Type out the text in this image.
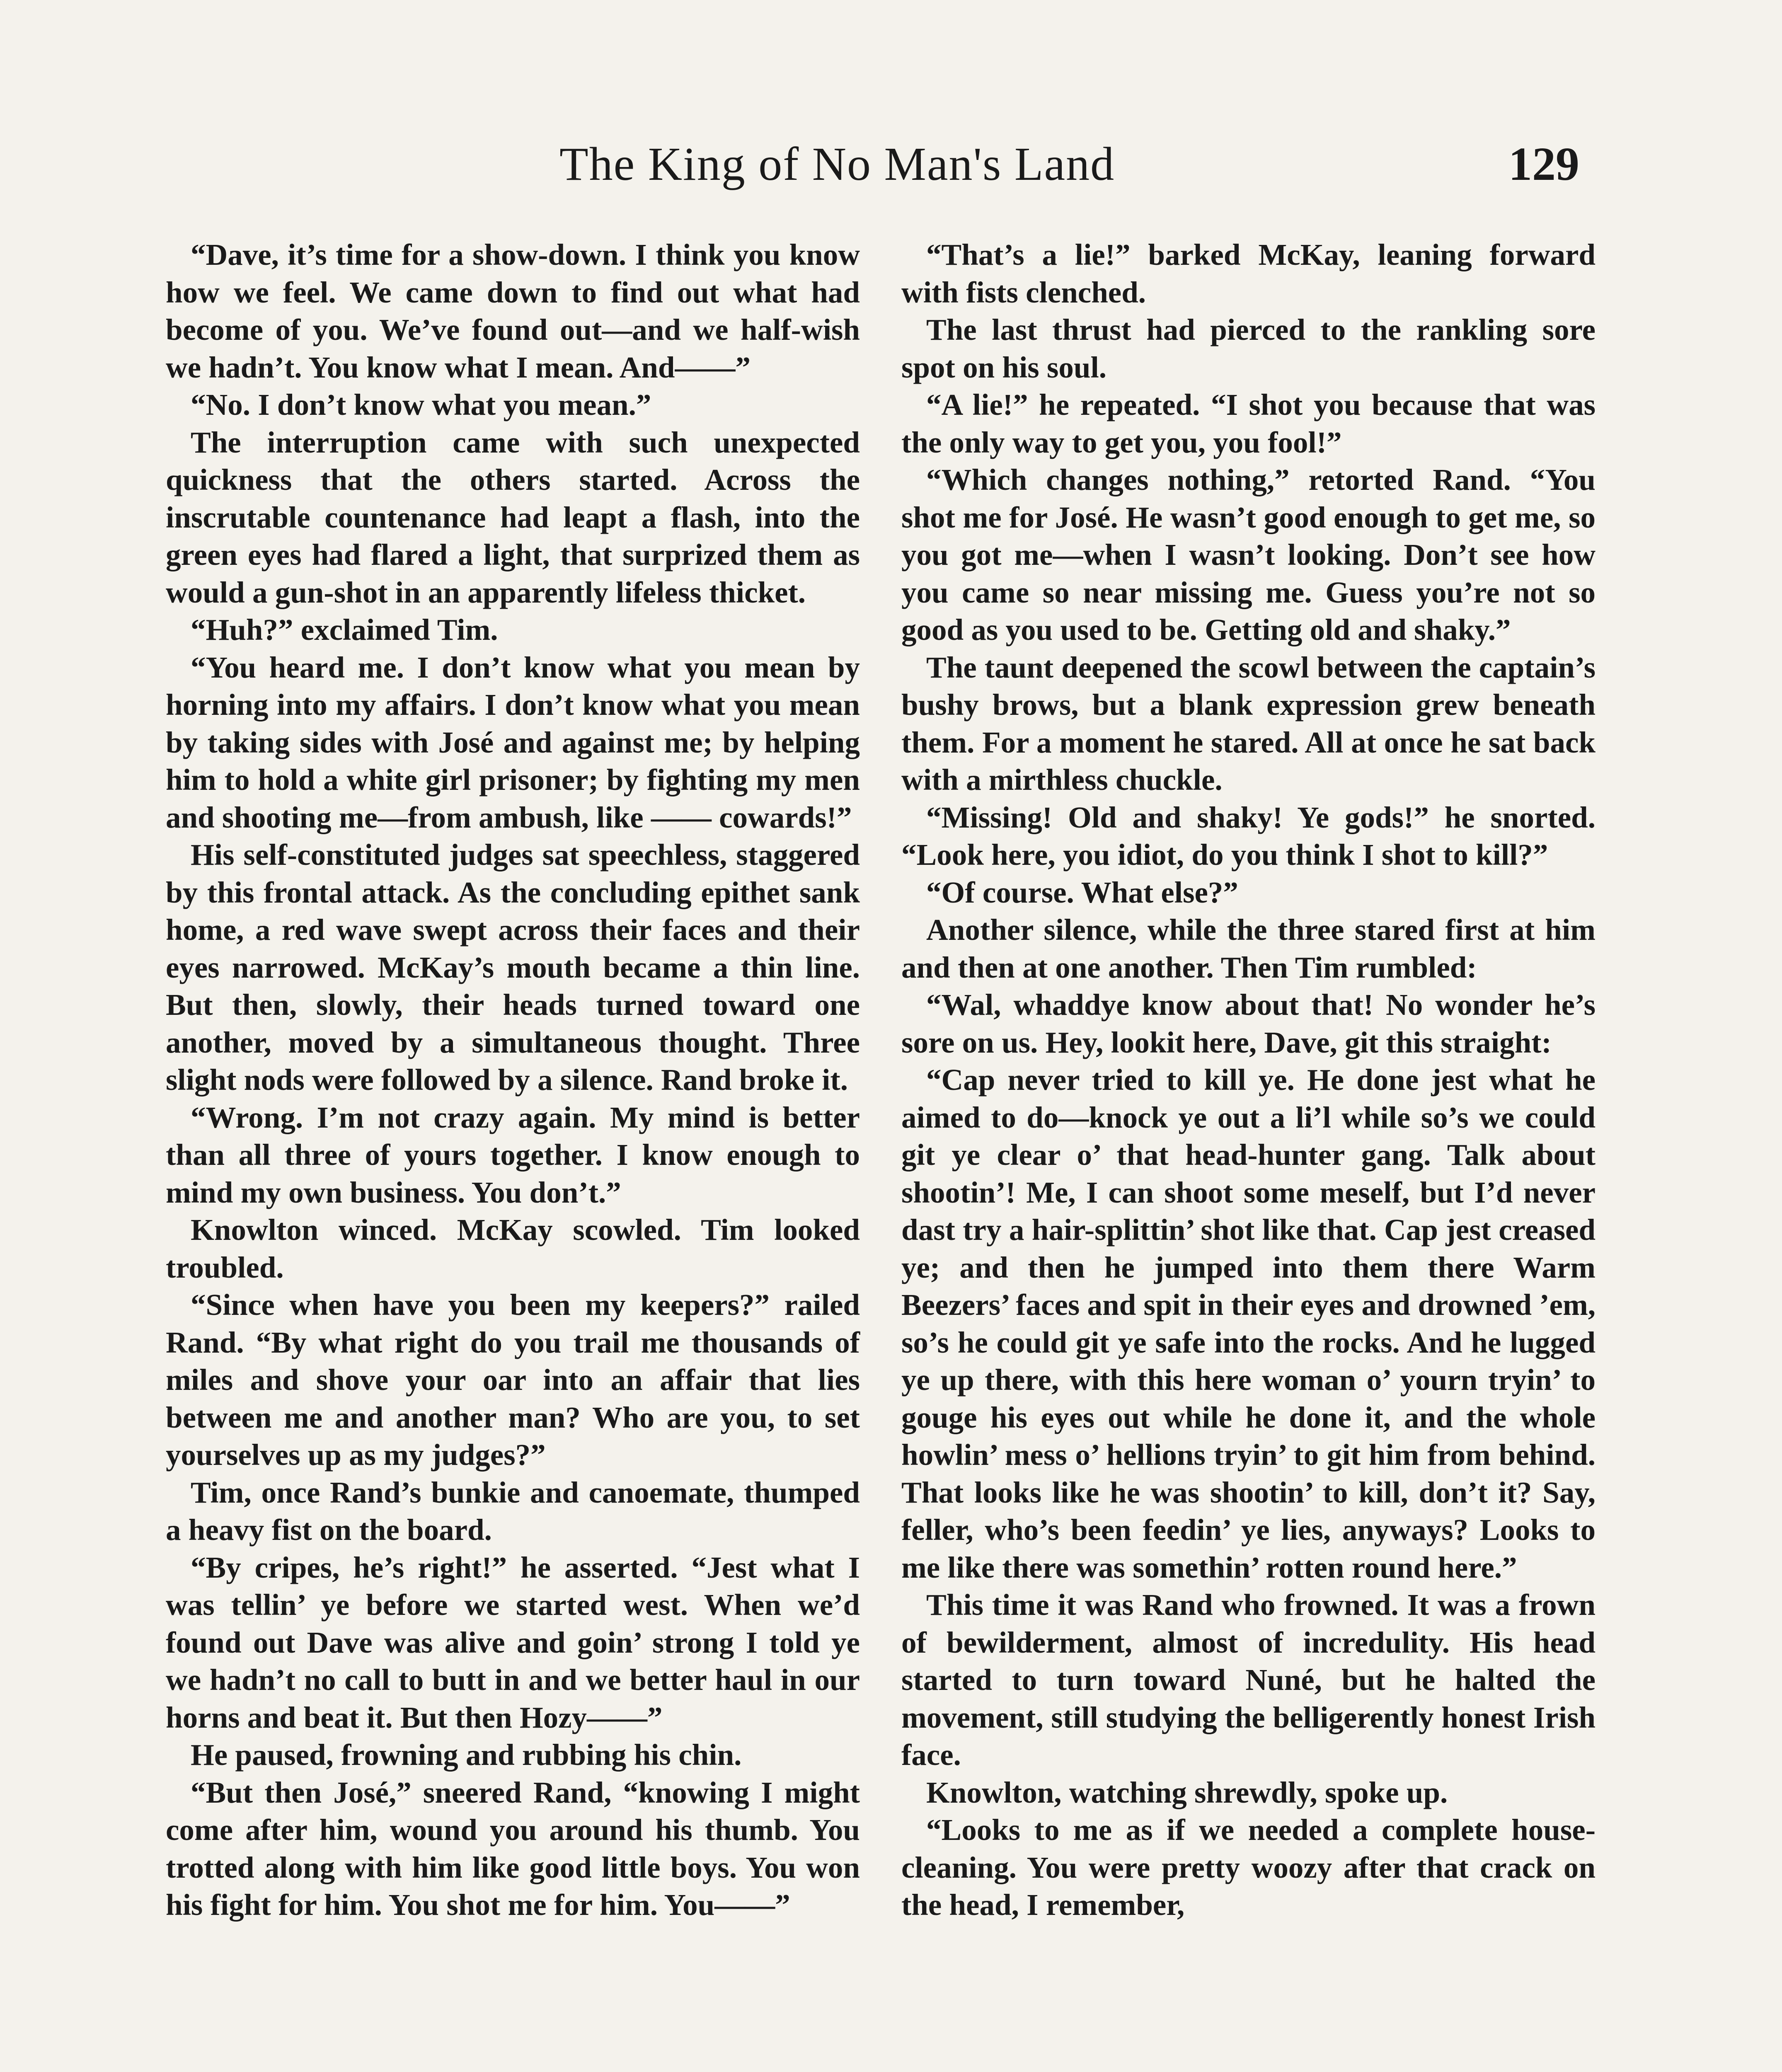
The King of No Man's Land	129

“Dave, it’s time for a show-down. I think you know how we feel. We came down to find out what had become of you. We’ve found out—and we half-wish we hadn’t. You know what I mean. And——”

“No. I don’t know what you mean.”

The interruption came with such unexpected quickness that the others started. Across the inscrutable countenance had leapt a flash, into the green eyes had flared a light, that surprized them as would a gun-shot in an apparently lifeless thicket.

“Huh?” exclaimed Tim.

“You heard me. I don’t know what you mean by horning into my affairs. I don’t know what you mean by taking sides with José and against me; by helping him to hold a white girl prisoner; by fighting my men and shooting me—from ambush, like —— cowards!”

His self-constituted judges sat speechless, staggered by this frontal attack. As the concluding epithet sank home, a red wave swept across their faces and their eyes narrowed. McKay’s mouth became a thin line. But then, slowly, their heads turned toward one another, moved by a simultaneous thought. Three slight nods were followed by a silence. Rand broke it.

“Wrong. I’m not crazy again. My mind is better than all three of yours together. I know enough to mind my own business. You don’t.”

Knowlton winced. McKay scowled. Tim looked troubled.

“Since when have you been my keepers?” railed Rand. “By what right do you trail me thousands of miles and shove your oar into an affair that lies between me and another man? Who are you, to set yourselves up as my judges?”

Tim, once Rand’s bunkie and canoemate, thumped a heavy fist on the board.

“By cripes, he’s right!” he asserted. “Jest what I was tellin’ ye before we started west. When we’d found out Dave was alive and goin’ strong I told ye we hadn’t no call to butt in and we better haul in our horns and beat it. But then Hozy——”

He paused, frowning and rubbing his chin.

“But then José,” sneered Rand, “knowing I might come after him, wound you around his thumb. You trotted along with him like good little boys. You won his fight for him. You shot me for him. You——”

“That’s a lie!” barked McKay, leaning forward with fists clenched.

The last thrust had pierced to the rankling sore spot on his soul.

“A lie!” he repeated. “I shot you because that was the only way to get you, you fool!”

“Which changes nothing,” retorted Rand. “You shot me for José. He wasn’t good enough to get me, so you got me—when I wasn’t looking. Don’t see how you came so near missing me. Guess you’re not so good as you used to be. Getting old and shaky.”

The taunt deepened the scowl between the captain’s bushy brows, but a blank expression grew beneath them. For a moment he stared. All at once he sat back with a mirthless chuckle.

“Missing! Old and shaky! Ye gods!” he snorted. “Look here, you idiot, do you think I shot to kill?”

“Of course. What else?”

Another silence, while the three stared first at him and then at one another. Then Tim rumbled:

“Wal, whaddye know about that! No wonder he’s sore on us. Hey, lookit here, Dave, git this straight:

“Cap never tried to kill ye. He done jest what he aimed to do—knock ye out a li’l while so’s we could git ye clear o’ that head-hunter gang. Talk about shootin’! Me, I can shoot some meself, but I’d never dast try a hair-splittin’ shot like that. Cap jest creased ye; and then he jumped into them there Warm Beezers’ faces and spit in their eyes and drowned ’em, so’s he could git ye safe into the rocks. And he lugged ye up there, with this here woman o’ yourn tryin’ to gouge his eyes out while he done it, and the whole howlin’ mess o’ hellions tryin’ to git him from behind. That looks like he was shootin’ to kill, don’t it? Say, feller, who’s been feedin’ ye lies, anyways? Looks to me like there was somethin’ rotten round here.”

This time it was Rand who frowned. It was a frown of bewilderment, almost of incredulity. His head started to turn toward Nuné, but he halted the movement, still studying the belligerently honest Irish face.

Knowlton, watching shrewdly, spoke up.

“Looks to me as if we needed a complete house-cleaning. You were pretty woozy after that crack on the head, I remember,
